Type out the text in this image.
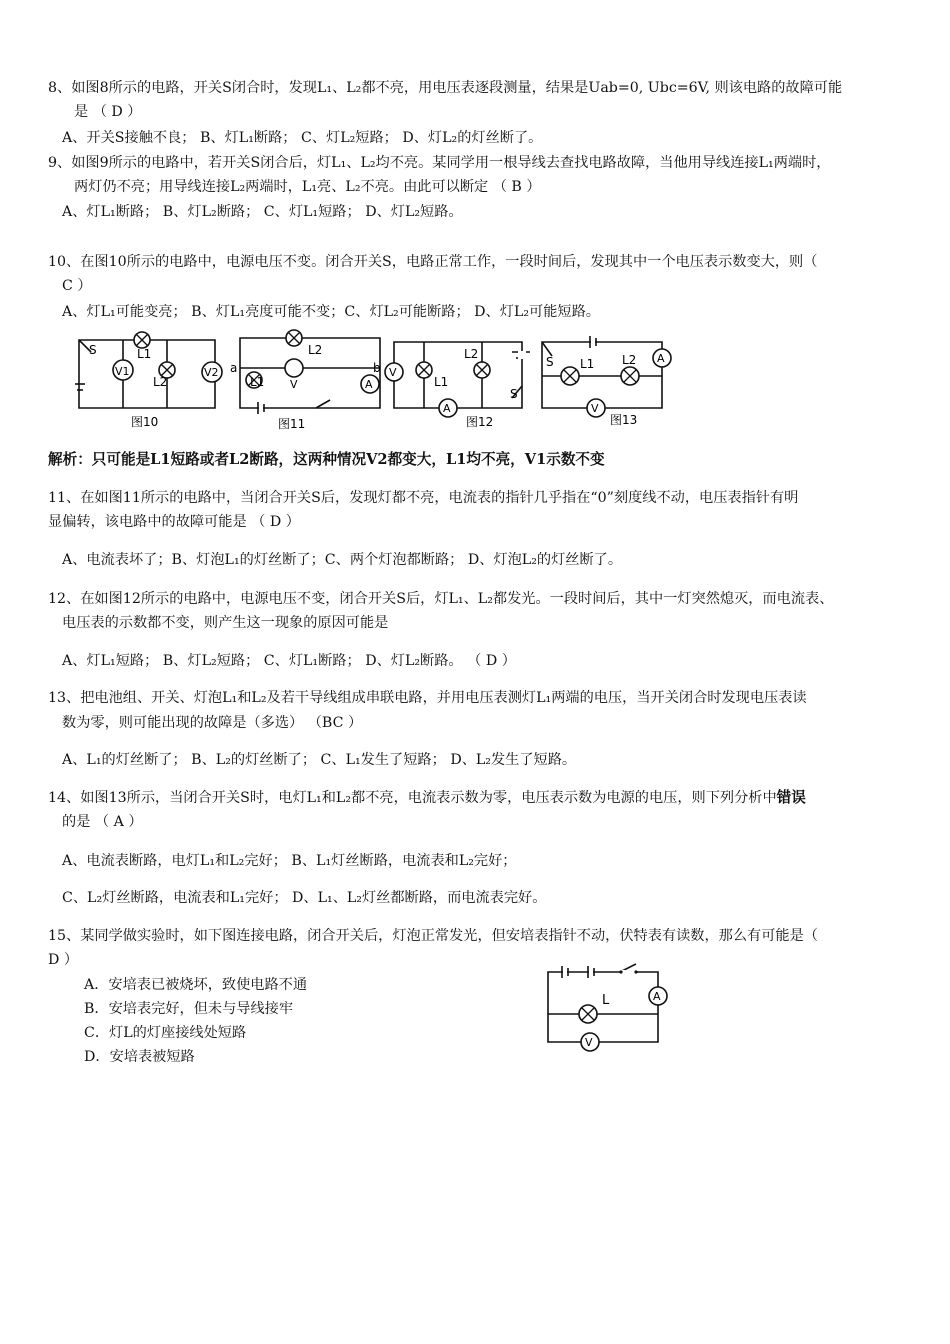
8、如图8所示的电路，开关S闭合时，发现L₁、L₂都不亮，用电压表逐段测量，结果是Uab=0, Ubc=6V, 则该电路的故障可能
是 （ D ）
A、开关S接触不良； B、灯L₁断路； C、灯L₂短路； D、灯L₂的灯丝断了。
9、如图9所示的电路中，若开关S闭合后，灯L₁、L₂均不亮。某同学用一根导线去查找电路故障，当他用导线连接L₁两端时，
两灯仍不亮；用导线连接L₂两端时，L₁亮、L₂不亮。由此可以断定 （ B ）
A、灯L₁断路； B、灯L₂断路； C、灯L₁短路； D、灯L₂短路。
10、在图10所示的电路中，电源电压不变。闭合开关S，电路正常工作，一段时间后，发现其中一个电压表示数变大，则（
C ）
A、灯L₁可能变亮； B、灯L₁亮度可能不变；C、灯L₂可能断路； D、灯L₂可能短路。
S
V1
L1
L2
V2
图10
a
L1
L2
b
A
V
图11
V
L1
L2
A
S
图12
S L1 L2 A
V
图13
解析：只可能是L1短路或者L2断路，这两种情况V2都变大，L1均不亮，V1示数不变
11、在如图11所示的电路中，当闭合开关S后，发现灯都不亮，电流表的指针几乎指在“0”刻度线不动，电压表指针有明
显偏转，该电路中的故障可能是 （ D ）
A、电流表坏了；B、灯泡L₁的灯丝断了；C、两个灯泡都断路； D、灯泡L₂的灯丝断了。
12、在如图12所示的电路中，电源电压不变，闭合开关S后，灯L₁、L₂都发光。一段时间后，其中一灯突然熄灭，而电流表、
电压表的示数都不变，则产生这一现象的原因可能是
A、灯L₁短路； B、灯L₂短路； C、灯L₁断路； D、灯L₂断路。 （ D ）
13、把电池组、开关、灯泡L₁和L₂及若干导线组成串联电路，并用电压表测灯L₁两端的电压，当开关闭合时发现电压表读
数为零，则可能出现的故障是（多选） （BC ）
A、L₁的灯丝断了； B、L₂的灯丝断了； C、L₁发生了短路； D、L₂发生了短路。
14、如图13所示，当闭合开关S时，电灯L₁和L₂都不亮，电流表示数为零，电压表示数为电源的电压，则下列分析中错误
的是 （ A ）
A、电流表断路，电灯L₁和L₂完好； B、L₁灯丝断路，电流表和L₂完好；
C、L₂灯丝断路，电流表和L₁完好； D、L₁、L₂灯丝都断路，而电流表完好。
15、某同学做实验时，如下图连接电路，闭合开关后，灯泡正常发光，但安培表指针不动，伏特表有读数，那么有可能是（
D ）
A．安培表已被烧坏，致使电路不通
B．安培表完好，但未与导线接牢
C．灯L的灯座接线处短路
D．安培表被短路
L	A
V
